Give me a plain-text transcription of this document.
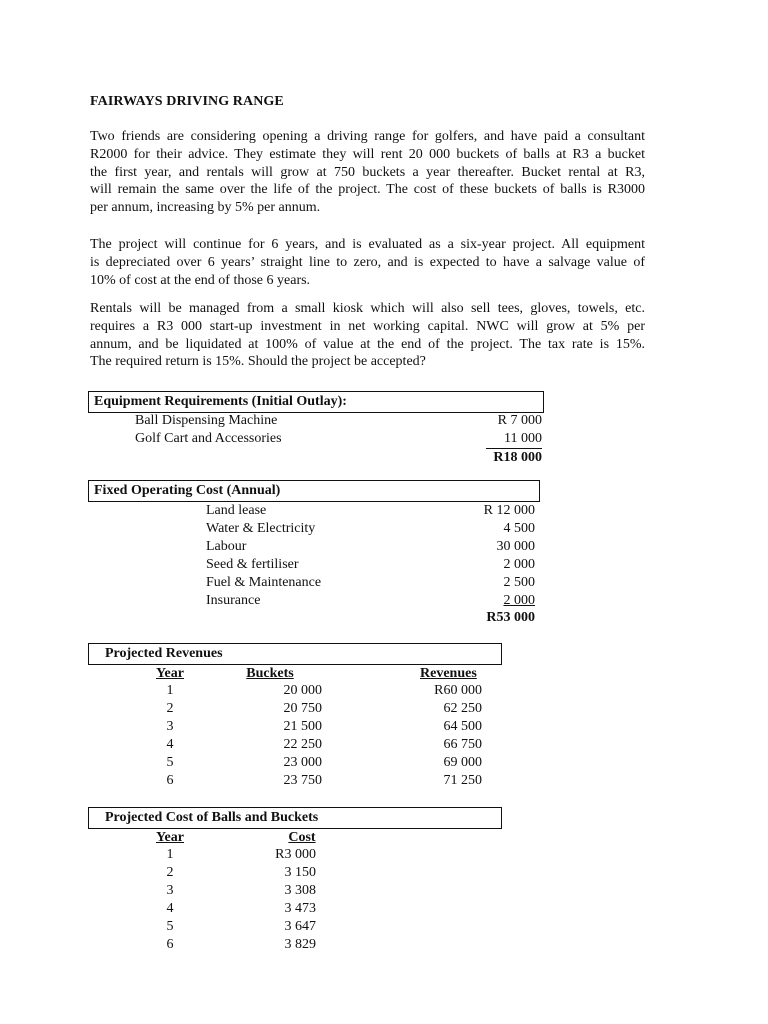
FAIRWAYS DRIVING RANGE
Two friends are considering opening a driving range for golfers, and have paid a consultant
R2000 for their advice. They estimate they will rent 20 000 buckets of balls at R3 a bucket
the first year, and rentals will grow at 750 buckets a year thereafter. Bucket rental at R3,
will remain the same over the life of the project. The cost of these buckets of balls is R3000
per annum, increasing by 5% per annum.
The project will continue for 6 years, and is evaluated as a six-year project. All equipment
is depreciated over 6 years’ straight line to zero, and is expected to have a salvage value of
10% of cost at the end of those 6 years.
Rentals will be managed from a small kiosk which will also sell tees, gloves, towels, etc.
requires a R3 000 start-up investment in net working capital. NWC will grow at 5% per
annum, and be liquidated at 100% of value at the end of the project. The tax rate is 15%.
The required return is 15%. Should the project be accepted?
Equipment Requirements (Initial Outlay):
Ball Dispensing Machine	R 7 000
Golf Cart and Accessories	11 000
R18 000
Fixed Operating Cost (Annual)
Land lease	R 12 000
Water & Electricity	4 500
Labour	30 000
Seed & fertiliser	2 000
Fuel & Maintenance	2 500
Insurance	2 000
R53 000
Projected Revenues
Year	Buckets	Revenues
1	20 000	R60 000
2	20 750	62 250
3	21 500	64 500
4	22 250	66 750
5	23 000	69 000
6	23 750	71 250
Projected Cost of Balls and Buckets
Year	Cost
1	R3 000
2	3 150
3	3 308
4	3 473
5	3 647
6	3 829
